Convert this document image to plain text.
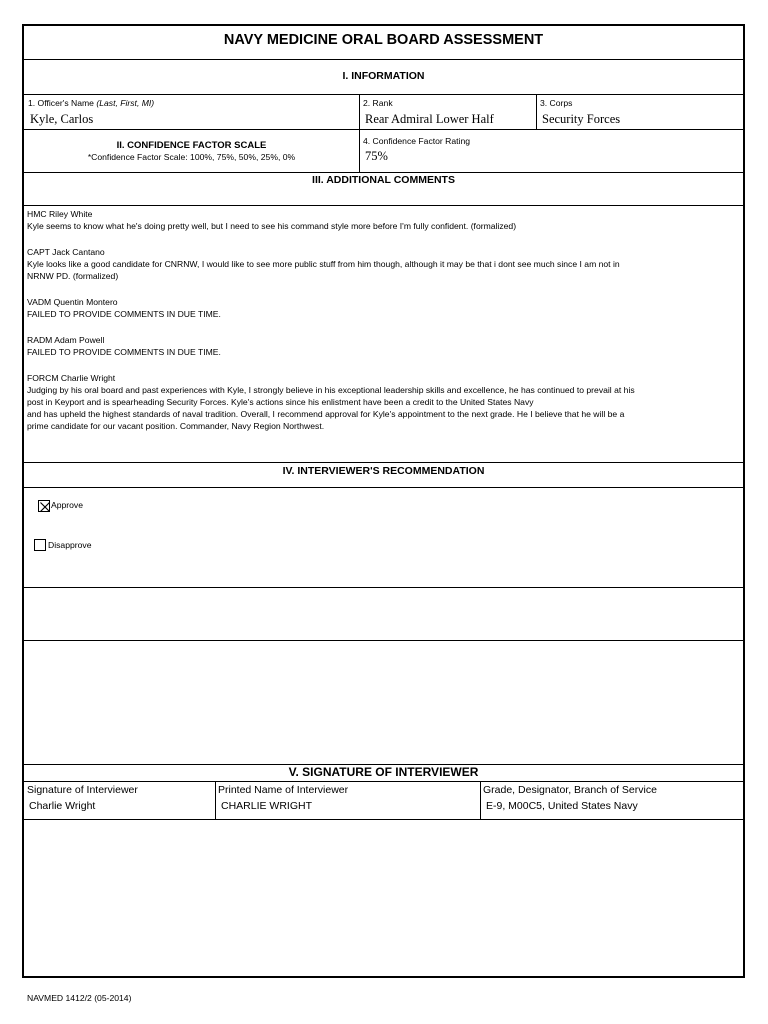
NAVY MEDICINE ORAL BOARD ASSESSMENT
I. INFORMATION
1. Officer's Name (Last, First, MI)
Kyle, Carlos
2. Rank
Rear Admiral Lower Half
3. Corps
Security Forces
II. CONFIDENCE FACTOR SCALE
*Confidence Factor Scale: 100%, 75%, 50%, 25%, 0%
4. Confidence Factor Rating
75%
III. ADDITIONAL COMMENTS
HMC Riley White
Kyle seems to know what he's doing pretty well, but I need to see his command style more before I'm fully confident. (formalized)
CAPT Jack Cantano
Kyle looks like a good candidate for CNRNW, I would like to see more public stuff from him though, although it may be that i dont see much since I am not in
NRNW PD. (formalized)
VADM Quentin Montero
FAILED TO PROVIDE COMMENTS IN DUE TIME.
RADM Adam Powell
FAILED TO PROVIDE COMMENTS IN DUE TIME.
FORCM Charlie Wright
Judging by his oral board and past experiences with Kyle, I strongly believe in his exceptional leadership skills and excellence, he has continued to prevail at his
post in Keyport and is spearheading Security Forces. Kyle's actions since his enlistment have been a credit to the United States Navy
and has upheld the highest standards of naval tradition. Overall, I recommend approval for Kyle's appointment to the next grade. He I believe that he will be a
prime candidate for our vacant position. Commander, Navy Region Northwest.
IV. INTERVIEWER'S RECOMMENDATION
Approve
Disapprove
V. SIGNATURE OF INTERVIEWER
Signature of Interviewer
Charlie Wright
Printed Name of Interviewer
CHARLIE WRIGHT
Grade, Designator, Branch of Service
E-9, M00C5, United States Navy
NAVMED 1412/2 (05-2014)
